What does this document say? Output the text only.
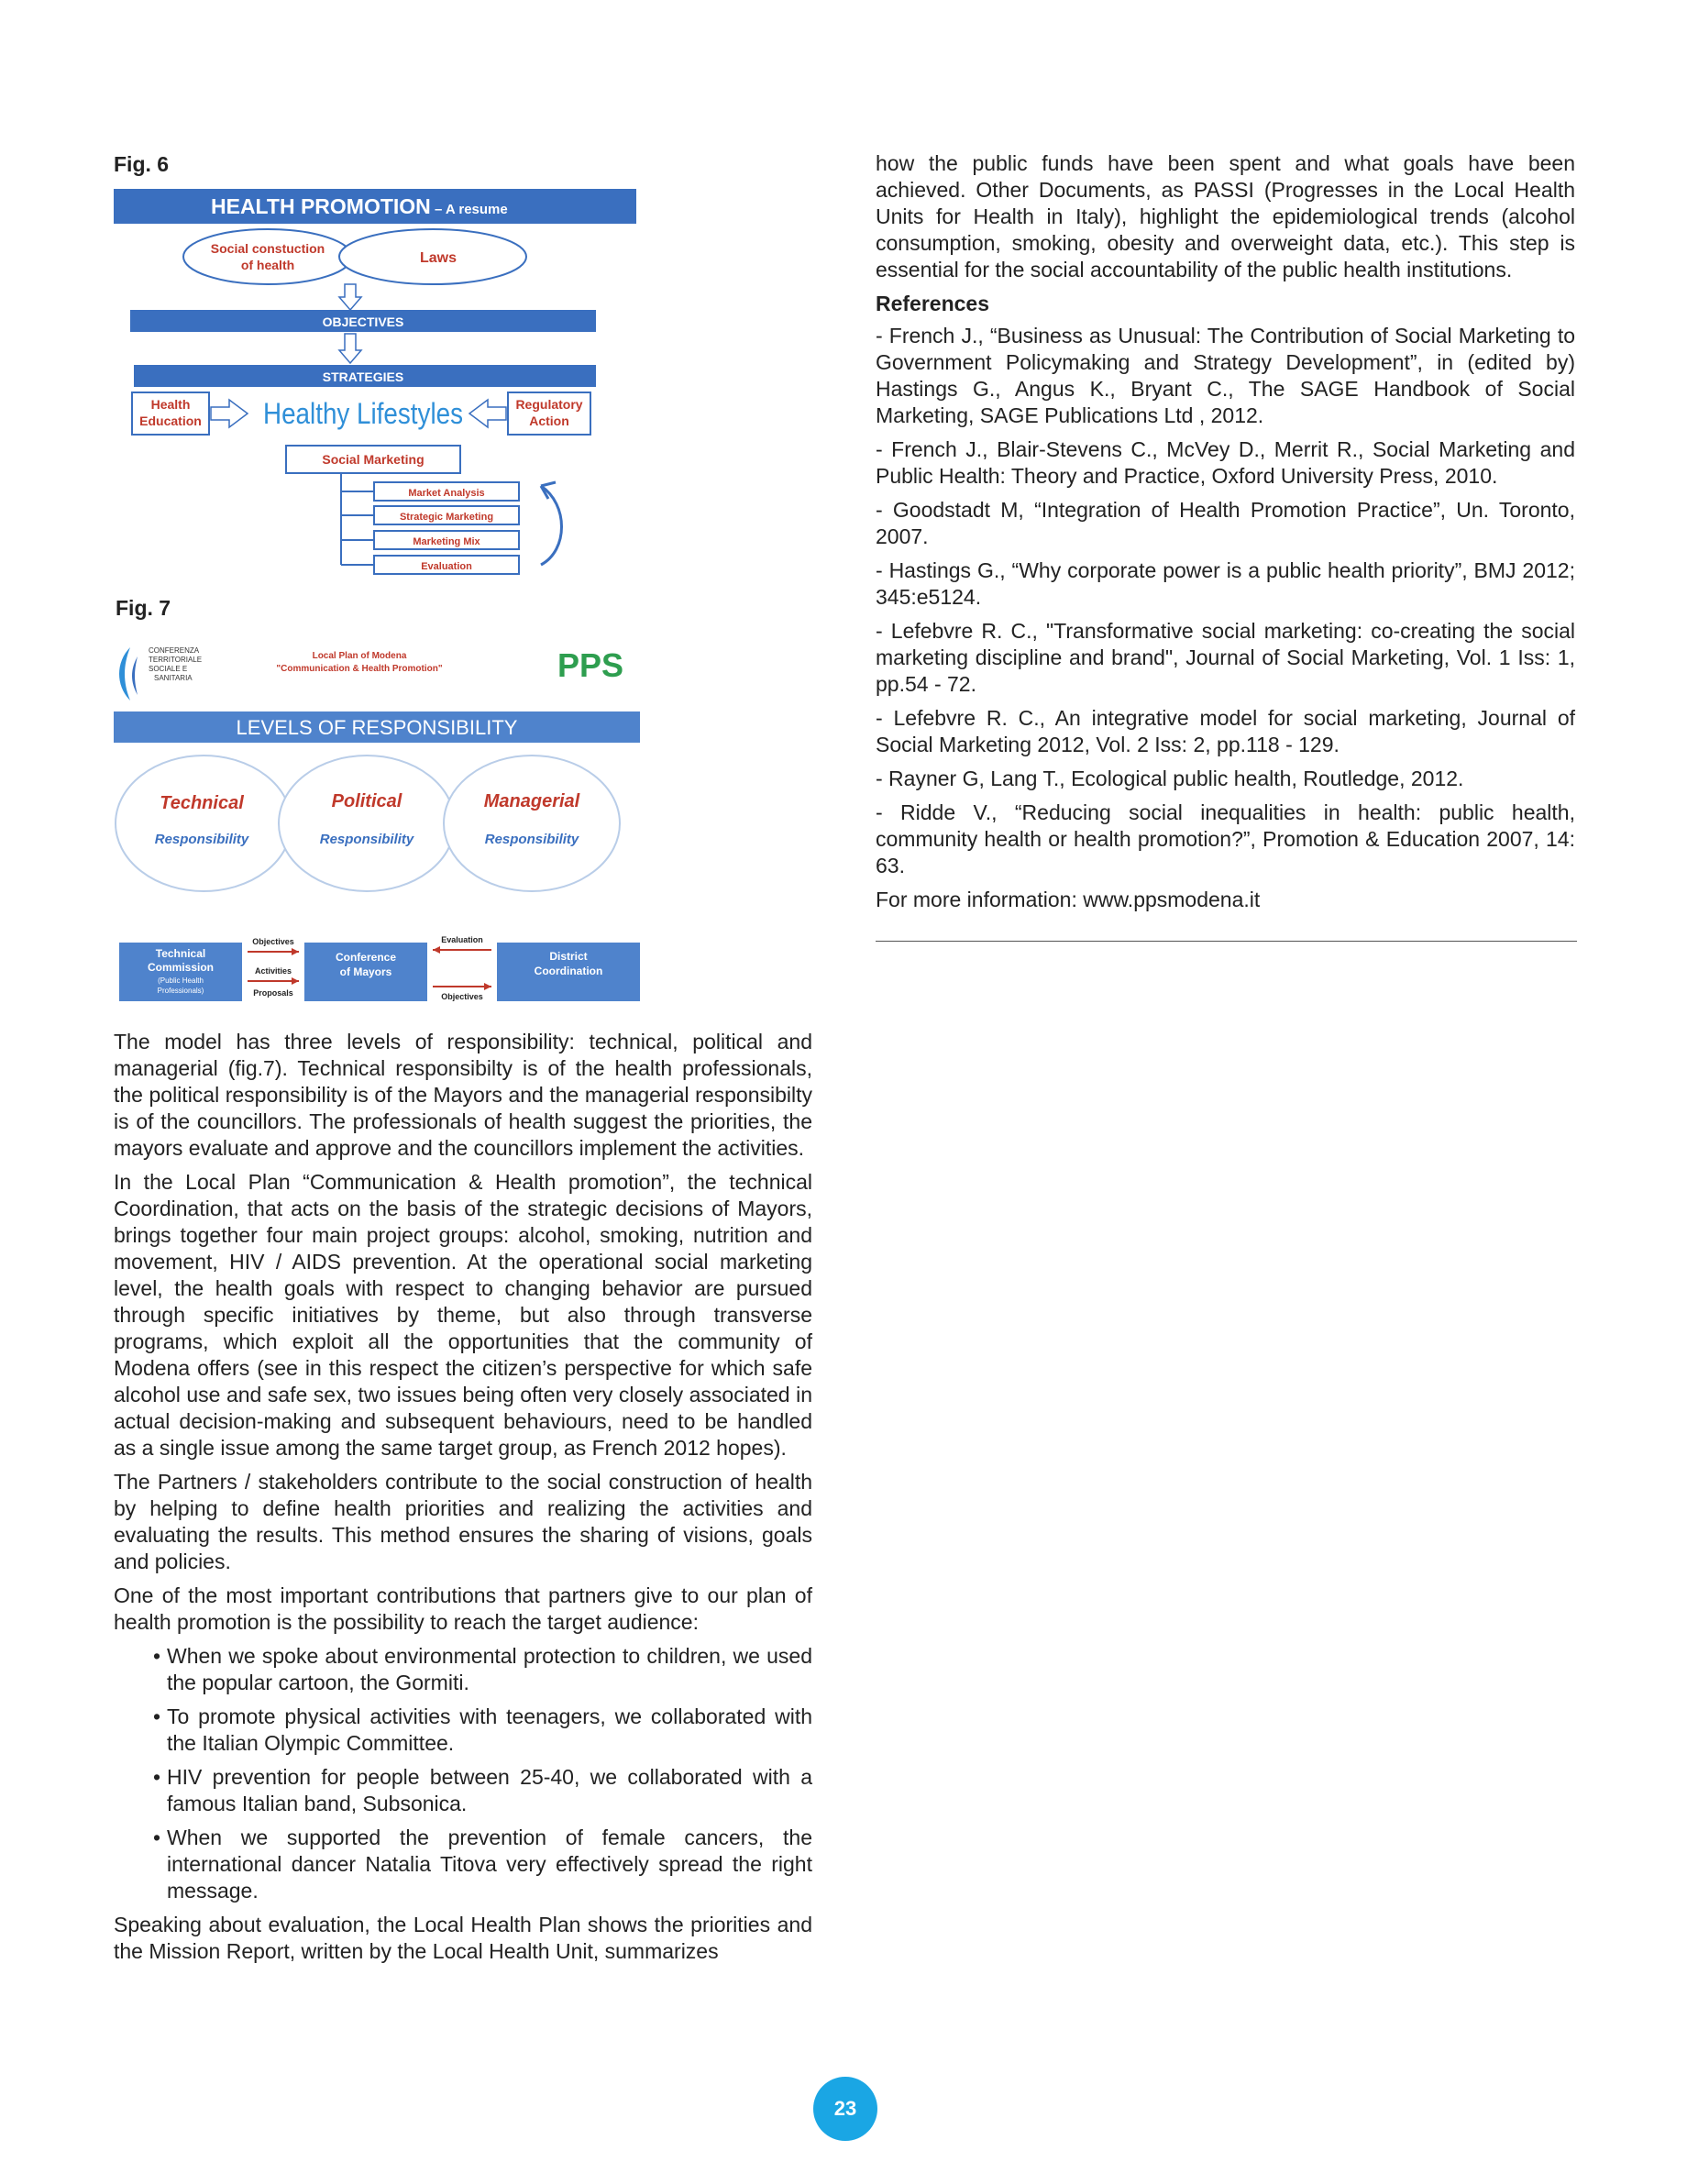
Fig. 6
HEALTH PROMOTION – A resume
Social constuction
of health	Laws
OBJECTIVES
STRATEGIES
Health
Education Healthy Lifestyles	Regulatory
Action
Social Marketing
Market Analysis
Strategic Marketing
Marketing Mix
Evaluation
Fig. 7
CONFERENZA
TERRITORIALE
SOCIALE E
SANITARIA
Local Plan of Modena
"Communication & Health Promotion"	PPS
LEVELS OF RESPONSIBILITY
Technical
Responsibility
Political
Responsibility
Managerial
Responsibility
Technical
Commission
(Public Health
Professionals)
Conference
of Mayors
District
Coordination
Objectives
Activities
Proposals
Evaluation
Objectives

The model has three levels of responsibility: technical, political and managerial (fig.7). Technical responsibilty is of the health professionals, the political responsibility is of the Mayors and the managerial responsibilty is of the councillors. The professionals of health suggest the priorities, the mayors evaluate and approve and the councillors implement the activities.

In the Local Plan “Communication & Health promotion”, the technical Coordination, that acts on the basis of the strategic decisions of Mayors, brings together four main project groups: alcohol, smoking, nutrition and movement, HIV / AIDS prevention. At the operational social marketing level, the health goals with respect to changing behavior are pursued through specific initiatives by theme, but also through transverse programs, which exploit all the opportunities that the community of Modena offers (see in this respect the citizen’s perspective for which safe alcohol use and safe sex, two issues being often very closely associated in actual decision-making and subsequent behaviours, need to be handled as a single issue among the same target group, as French 2012 hopes).

The Partners / stakeholders contribute to the social construction of health by helping to define health priorities and realizing the activities and evaluating the results. This method ensures the sharing of visions, goals and policies.

One of the most important contributions that partners give to our plan of health promotion is the possibility to reach the target audience:

• When we spoke about environmental protection to children, we used the popular cartoon, the Gormiti.
• To promote physical activities with teenagers, we collaborated with the Italian Olympic Committee.
• HIV prevention for people between 25-40, we collaborated with a famous Italian band, Subsonica.
• When we supported the prevention of female cancers, the international dancer Natalia Titova very effectively spread the right message.

Speaking about evaluation, the Local Health Plan shows the priorities and the Mission Report, written by the Local Health Unit, summarizes

how the public funds have been spent and what goals have been achieved. Other Documents, as PASSI (Progresses in the Local Health Units for Health in Italy), highlight the epidemiological trends (alcohol consumption, smoking, obesity and overweight data, etc.). This step is essential for the social accountability of the public health institutions.

References

- French J., “Business as Unusual: The Contribution of Social Marketing to Government Policymaking and Strategy Development”, in (edited by) Hastings G., Angus K., Bryant C., The SAGE Handbook of Social Marketing, SAGE Publications Ltd , 2012.

- French J., Blair-Stevens C., McVey D., Merrit R., Social Marketing and Public Health: Theory and Practice, Oxford University Press, 2010.

- Goodstadt M, “Integration of Health Promotion Practice”, Un. Toronto, 2007.

- Hastings G., “Why corporate power is a public health priority”, BMJ 2012; 345:e5124.

- Lefebvre R. C., "Transformative social marketing: co-creating the social marketing discipline and brand", Journal of Social Marketing, Vol. 1 Iss: 1, pp.54 - 72.

- Lefebvre R. C., An integrative model for social marketing, Journal of Social Marketing 2012, Vol. 2 Iss: 2, pp.118 - 129.

- Rayner G, Lang T., Ecological public health, Routledge, 2012.

- Ridde V., “Reducing social inequalities in health: public health, community health or health promotion?”, Promotion & Education 2007, 14: 63.

For more information: www.ppsmodena.it

23
